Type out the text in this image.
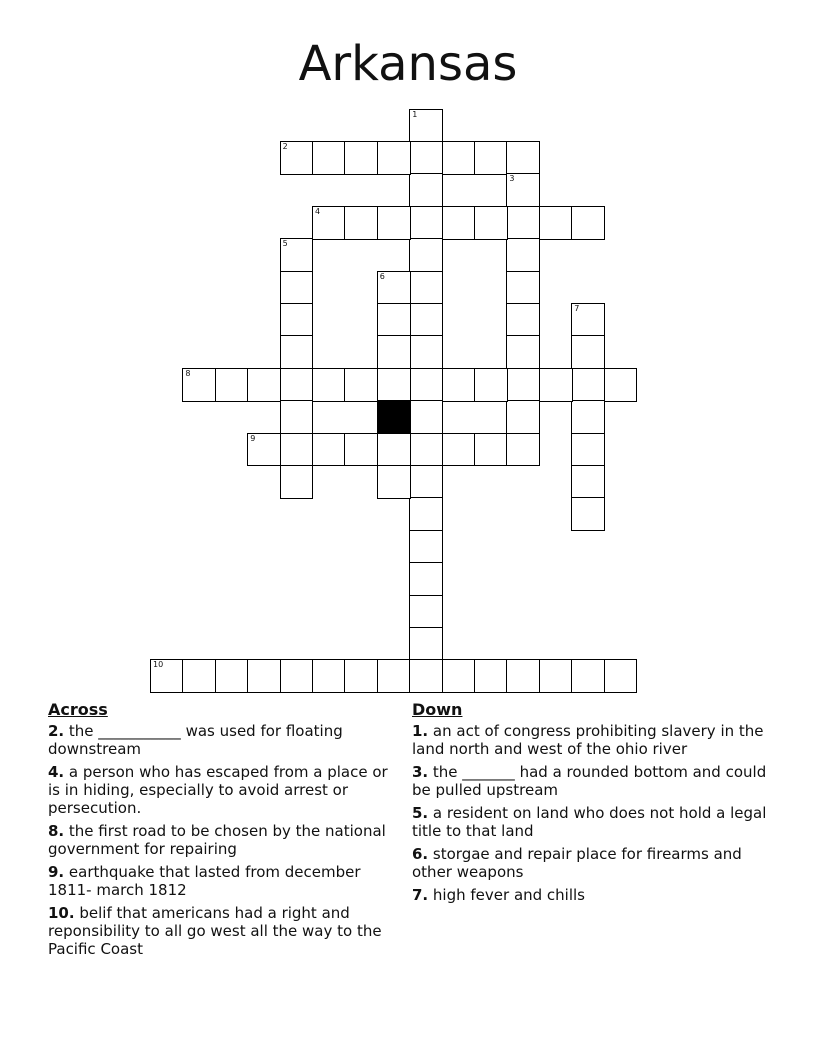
Arkansas
1
2
3
4
5
6
7
8
9
10
Across
2. the ___________ was used for floating downstream
4. a person who has escaped from a place or is in hiding, especially to avoid arrest or persecution.
8. the first road to be chosen by the national government for repairing
9. earthquake that lasted from december 1811- march 1812
10. belif that americans had a right and reponsibility to all go west all the way to the Pacific Coast
Down
1. an act of congress prohibiting slavery in the land north and west of the ohio river
3. the _______ had a rounded bottom and could be pulled upstream
5. a resident on land who does not hold a legal title to that land
6. storgae and repair place for firearms and other weapons
7. high fever and chills
